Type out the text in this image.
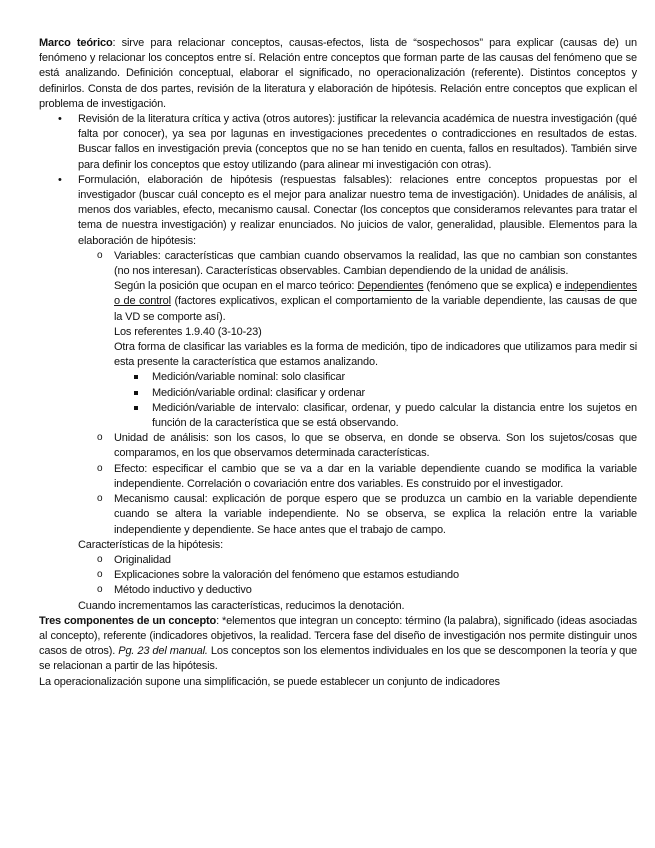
Marco teórico: sirve para relacionar conceptos, causas-efectos, lista de “sospechosos” para explicar (causas de) un fenómeno y relacionar los conceptos entre sí. Relación entre conceptos que forman parte de las causas del fenómeno que se está analizando. Definición conceptual, elaborar el significado, no operacionalización (referente). Distintos conceptos y definirlos. Consta de dos partes, revisión de la literatura y elaboración de hipótesis. Relación entre conceptos que explican el problema de investigación.

• Revisión de la literatura crítica y activa (otros autores): justificar la relevancia académica de nuestra investigación (qué falta por conocer), ya sea por lagunas en investigaciones precedentes o contradicciones en resultados de estas. Buscar fallos en investigación previa (conceptos que no se han tenido en cuenta, fallos en resultados). También sirve para definir los conceptos que estoy utilizando (para alinear mi investigación con otras).
• Formulación, elaboración de hipótesis (respuestas falsables): relaciones entre conceptos propuestas por el investigador (buscar cuál concepto es el mejor para analizar nuestro tema de investigación). Unidades de análisis, al menos dos variables, efecto, mecanismo causal. Conectar (los conceptos que consideramos relevantes para tratar el tema de nuestra investigación) y realizar enunciados. No juicios de valor, generalidad, plausible. Elementos para la elaboración de hipótesis:
o Variables: características que cambian cuando observamos la realidad, las que no cambian son constantes (no nos interesan). Características observables. Cambian dependiendo de la unidad de análisis.
Según la posición que ocupan en el marco teórico: Dependientes (fenómeno que se explica) e independientes o de control (factores explicativos, explican el comportamiento de la variable dependiente, las causas de que la VD se comporte así).
Los referentes 1.9.40 (3-10-23)
Otra forma de clasificar las variables es la forma de medición, tipo de indicadores que utilizamos para medir si esta presente la característica que estamos analizando.
Medición/variable nominal: solo clasificar
Medición/variable ordinal: clasificar y ordenar
Medición/variable de intervalo: clasificar, ordenar, y puedo calcular la distancia entre los sujetos en función de la característica que se está observando.
o Unidad de análisis: son los casos, lo que se observa, en donde se observa. Son los sujetos/cosas que comparamos, en los que observamos determinada características.
o Efecto: especificar el cambio que se va a dar en la variable dependiente cuando se modifica la variable independiente. Correlación o covariación entre dos variables. Es construido por el investigador.
o Mecanismo causal: explicación de porque espero que se produzca un cambio en la variable dependiente cuando se altera la variable independiente. No se observa, se explica la relación entre la variable independiente y dependiente. Se hace antes que el trabajo de campo.
Características de la hipótesis:
o Originalidad
o Explicaciones sobre la valoración del fenómeno que estamos estudiando
o Método inductivo y deductivo
Cuando incrementamos las características, reducimos la denotación.

Tres componentes de un concepto: *elementos que integran un concepto: término (la palabra), significado (ideas asociadas al concepto), referente (indicadores objetivos, la realidad. Tercera fase del diseño de investigación nos permite distinguir unos casos de otros). Pg. 23 del manual. Los conceptos son los elementos individuales en los que se descomponen la teoría y que se relacionan a partir de las hipótesis.

La operacionalización supone una simplificación, se puede establecer un conjunto de indicadores
